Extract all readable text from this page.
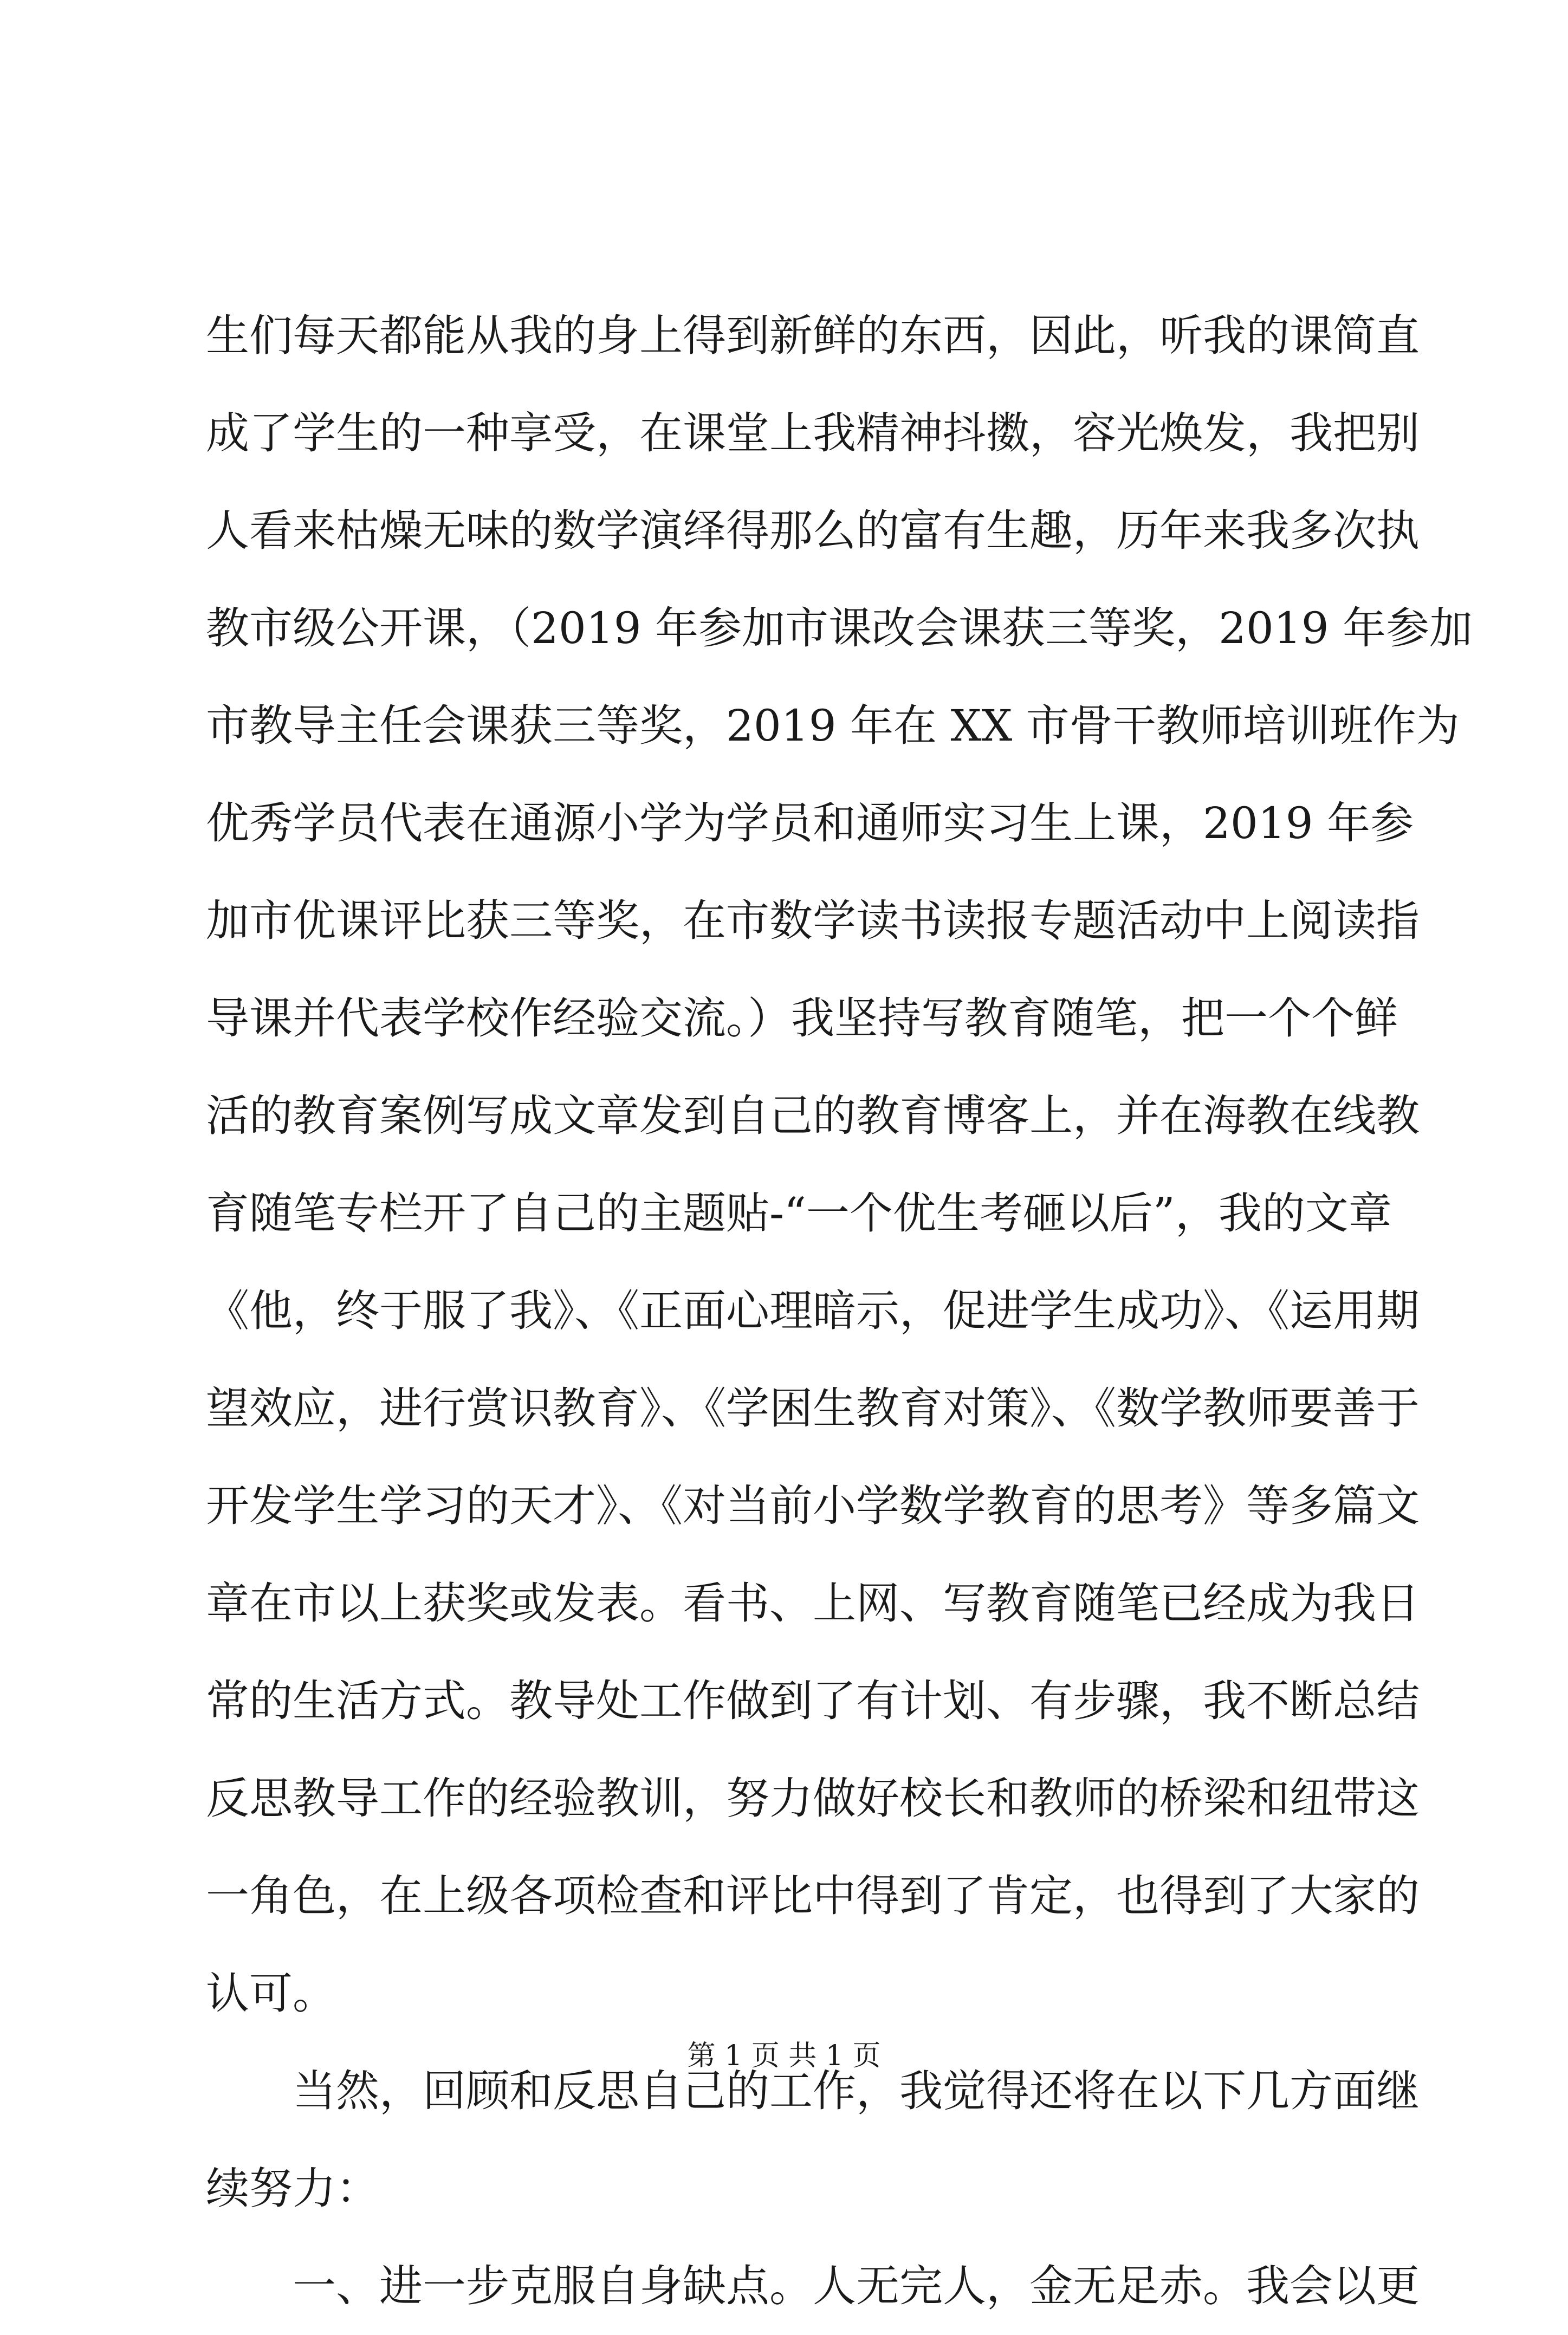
生们每天都能从我的身上得到新鲜的东西，因此，听我的课简直
成了学生的一种享受，在课堂上我精神抖擞，容光焕发，我把别
人看来枯燥无味的数学演绎得那么的富有生趣，历年来我多次执
教市级公开课，（2019 年参加市课改会课获三等奖，2019 年参加
市教导主任会课获三等奖，2019 年在 XX 市骨干教师培训班作为
优秀学员代表在通源小学为学员和通师实习生上课，2019 年参
加市优课评比获三等奖，在市数学读书读报专题活动中上阅读指
导课并代表学校作经验交流。）我坚持写教育随笔，把一个个鲜
活的教育案例写成文章发到自己的教育博客上，并在海教在线教
育随笔专栏开了自己的主题贴-“一个优生考砸以后”，我的文章
《他，终于服了我》、《正面心理暗示，促进学生成功》、《运用期
望效应，进行赏识教育》、《学困生教育对策》、《数学教师要善于
开发学生学习的天才》、《对当前小学数学教育的思考》等多篇文
章在市以上获奖或发表。看书、上网、写教育随笔已经成为我日
常的生活方式。教导处工作做到了有计划、有步骤，我不断总结
反思教导工作的经验教训，努力做好校长和教师的桥梁和纽带这
一角色，在上级各项检查和评比中得到了肯定，也得到了大家的
认可。
当然，回顾和反思自己的工作，我觉得还将在以下几方面继
续努力：
一、进一步克服自身缺点。人无完人，金无足赤。我会以更
第 1 页 共 1 页
